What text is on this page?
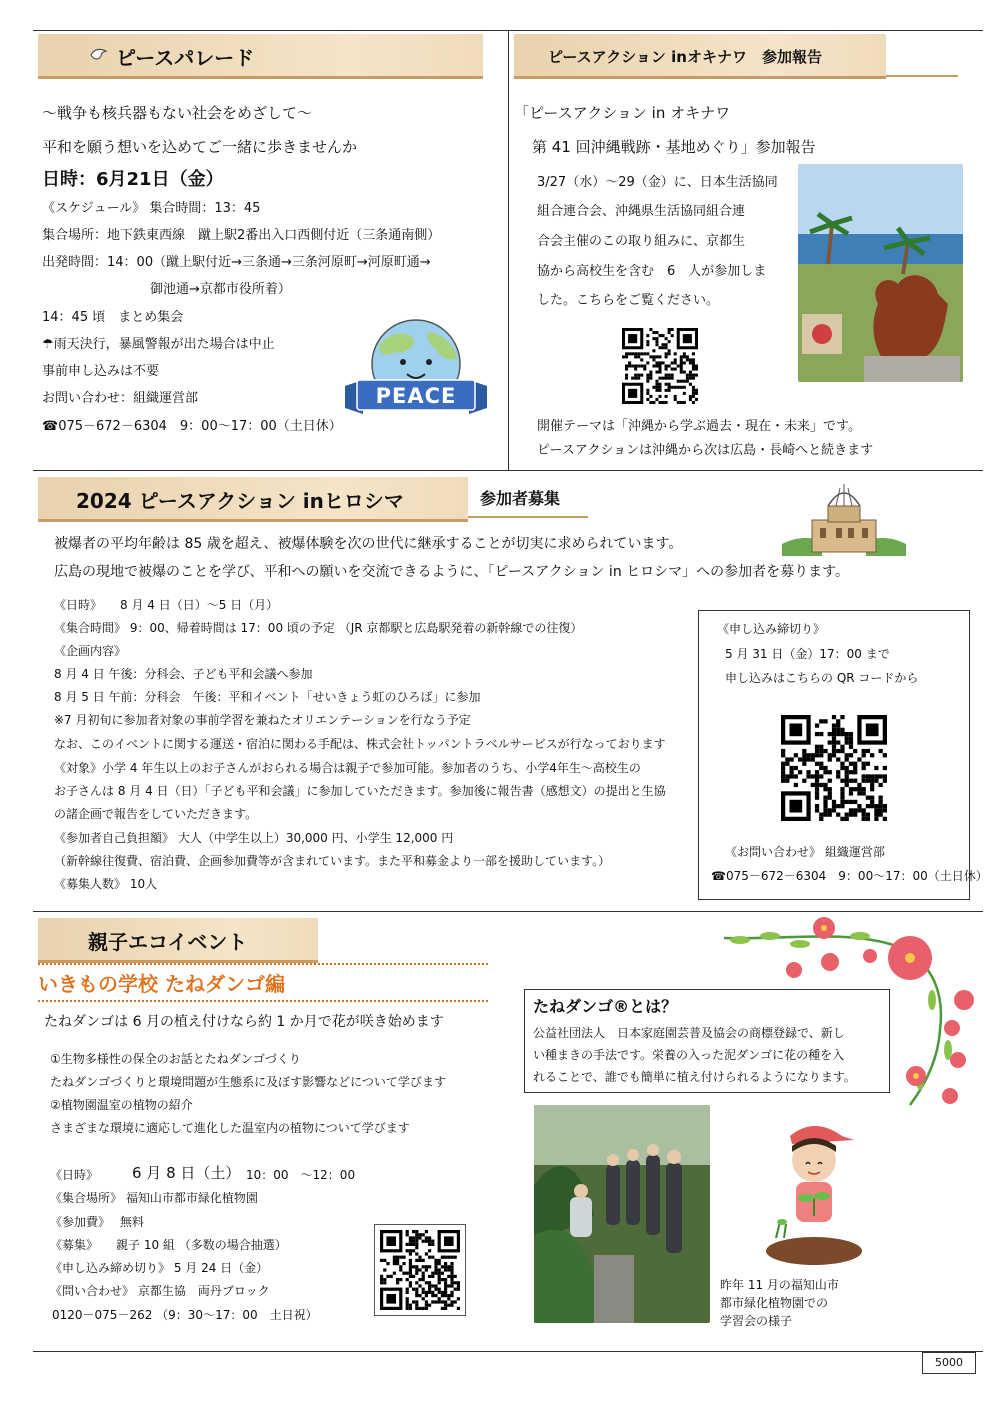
ピースパレード
～戦争も核兵器もない社会をめざして～
平和を願う想いを込めてご一緒に歩きませんか
日時：6月21日（金）
《スケジュール》 集合時間：13：45
集合場所：地下鉄東西線　蹴上駅2番出入口西側付近（三条通南側）
出発時間：14：00（蹴上駅付近→三条通→三条河原町→河原町通→
御池通→京都市役所着）
14：45 頃　まとめ集会
☂雨天決行，暴風警報が出た場合は中止
事前申し込みは不要
お問い合わせ：組織運営部
☎075－672－6304　9：00～17：00（土日休）
PEACE
ピースアクション inオキナワ　参加報告
「ピースアクション in オキナワ
第 41 回沖縄戦跡・基地めぐり」参加報告
3/27（水）～29（金）に、日本生活協同
組合連合会、沖縄県生活協同組合連
合会主催のこの取り組みに、京都生
協から高校生を含む　6　人が参加しま
した。こちらをご覧ください。
開催テーマは「沖縄から学ぶ過去・現在・未来」です。
ピースアクションは沖縄から次は広島・長崎へと続きます
2024 ピースアクション inヒロシマ	参加者募集
被爆者の平均年齢は 85 歳を超え、被爆体験を次の世代に継承することが切実に求められています。
広島の現地で被爆のことを学び、平和への願いを交流できるように、「ピースアクション in ヒロシマ」への参加者を募ります。
《日時》　　8 月 4 日（日）～5 日（月）
《集合時間》 9：00、帰着時間は 17：00 頃の予定 （JR 京都駅と広島駅発着の新幹線での往復）
《企画内容》
8 月 4 日 午後：分科会、子ども平和会議へ参加
8 月 5 日 午前：分科会　午後：平和イベント「せいきょう虹のひろば」に参加
※7 月初旬に参加者対象の事前学習を兼ねたオリエンテーションを行なう予定
なお、このイベントに関する運送・宿泊に関わる手配は、株式会社トッパントラベルサービスが行なっております
《対象》小学 4 年生以上のお子さんがおられる場合は親子で参加可能。参加者のうち、小学4年生～高校生の
お子さんは 8 月 4 日（日）「子ども平和会議」に参加していただきます。参加後に報告書（感想文）の提出と生協
の諸企画で報告をしていただきます。
《参加者自己負担額》 大人（中学生以上）30,000 円、小学生 12,000 円
（新幹線往復費、宿泊費、企画参加費等が含まれています。また平和募金より一部を援助しています。）
《募集人数》 10人
《申し込み締切り》
5 月 31 日（金）17：00 まで
申し込みはこちらの QR コードから
《お問い合わせ》 組織運営部
☎075－672－6304　9：00～17：00（土日休）
親子エコイベント
いきもの学校 たねダンゴ編
たねダンゴは 6 月の植え付けなら約 1 か月で花が咲き始めます
①生物多様性の保全のお話とたねダンゴづくり
たねダンゴづくりと環境問題が生態系に及ぼす影響などについて学びます
②植物園温室の植物の紹介
さまざまな環境に適応して進化した温室内の植物について学びます
《日時》 6 月 8 日（土） 10：00　～12：00
《集合場所》 福知山市都市緑化植物園
《参加費》　 無料
《募集》　　親子 10 組 （多数の場合抽選）
《申し込み締め切り》 5 月 24 日（金）
《問い合わせ》 京都生協　両丹ブロック
0120－075－262 （9：30～17：00　土日祝）
たねダンゴ®とは？
公益社団法人　日本家庭園芸普及協会の商標登録で、新し
い種まきの手法です。栄養の入った泥ダンゴに花の種を入
れることで、誰でも簡単に植え付けられるようになります。
昨年 11 月の福知山市
都市緑化植物園での
学習会の様子
5000
